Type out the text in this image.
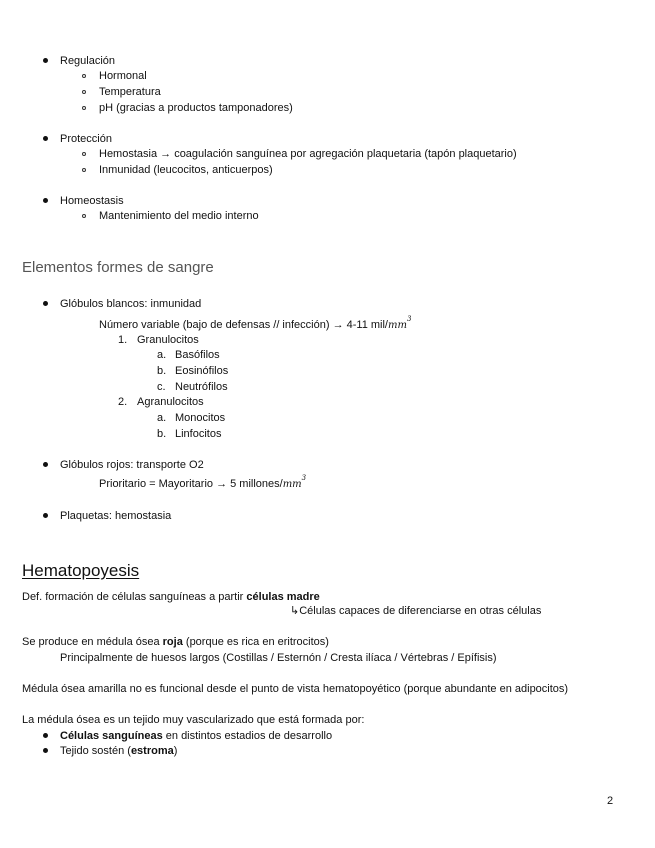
Regulación
Hormonal
Temperatura
pH (gracias a productos tamponadores)
Protección
Hemostasia → coagulación sanguínea por agregación plaquetaria (tapón plaquetario)
Inmunidad (leucocitos, anticuerpos)
Homeostasis
Mantenimiento del medio interno
Elementos formes de sangre
Glóbulos blancos: inmunidad
Número variable (bajo de defensas // infección) → 4-11 mil/$mm^3$
1. Granulocitos
a. Basófilos
b. Eosinófilos
c. Neutrófilos
2. Agranulocitos
a. Monocitos
b. Linfocitos
Glóbulos rojos: transporte O2
Prioritario = Mayoritario → 5 millones/$mm^3$
Plaquetas: hemostasia
Hematopoyesis
Def. formación de células sanguíneas a partir células madre
↳Células capaces de diferenciarse en otras células
Se produce en médula ósea roja (porque es rica en eritrocitos)
Principalmente de huesos largos (Costillas / Esternón / Cresta ilíaca / Vértebras / Epífisis)
Médula ósea amarilla no es funcional desde el punto de vista hematopoyético (porque abundante en adipocitos)
La médula ósea es un tejido muy vascularizado que está formada por:
Células sanguíneas en distintos estadios de desarrollo
Tejido sostén (estroma)
2
